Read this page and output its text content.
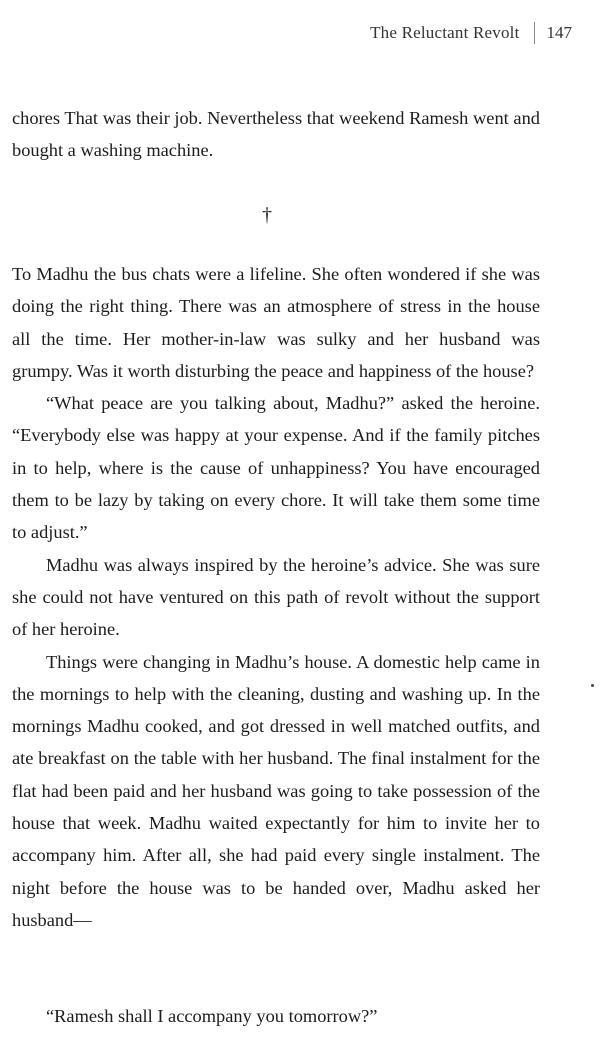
The Reluctant Revolt 147

chores That was their job. Nevertheless that weekend Ramesh went and bought a washing machine.

†

To Madhu the bus chats were a lifeline. She often wondered if she was doing the right thing. There was an atmosphere of stress in the house all the time. Her mother-in-law was sulky and her husband was grumpy. Was it worth disturbing the peace and happiness of the house?

“What peace are you talking about, Madhu?” asked the heroine. “Everybody else was happy at your expense. And if the family pitches in to help, where is the cause of unhappiness? You have encouraged them to be lazy by taking on every chore. It will take them some time to adjust.”

Madhu was always inspired by the heroine’s advice. She was sure she could not have ventured on this path of revolt without the support of her heroine.

Things were changing in Madhu’s house. A domestic help came in the mornings to help with the cleaning, dusting and washing up. In the mornings Madhu cooked, and got dressed in well matched outfits, and ate breakfast on the table with her husband. The final instalment for the flat had been paid and her husband was going to take possession of the house that week. Madhu waited expectantly for him to invite her to accompany him. After all, she had paid every single instalment. The night before the house was to be handed over, Madhu asked her husband—

“Ramesh shall I accompany you tomorrow?”
